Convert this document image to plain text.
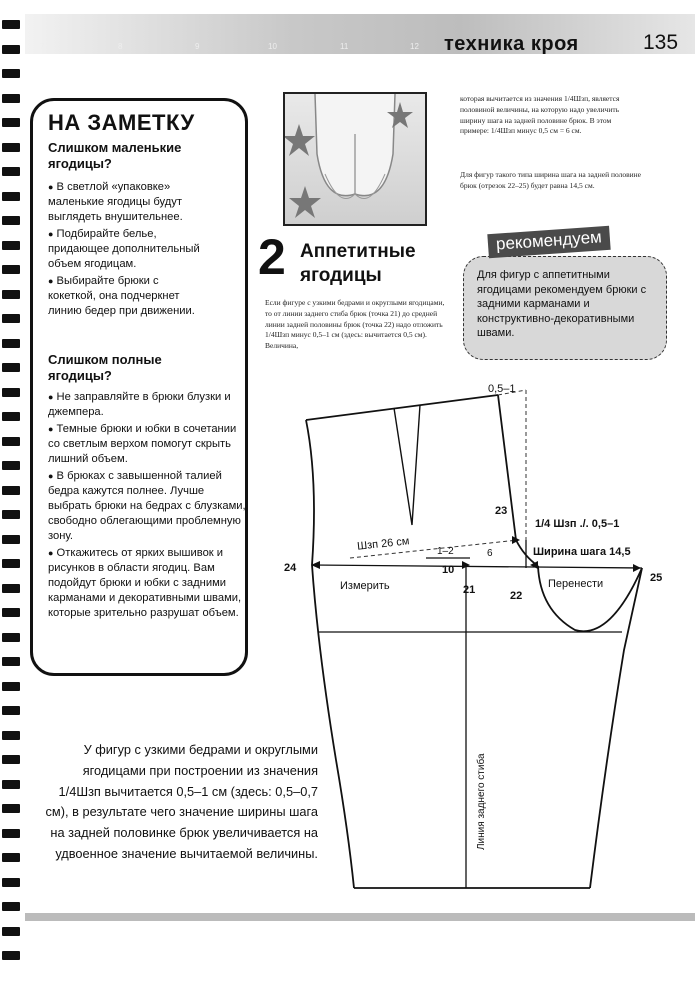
7	8	9	10	11	12 техника кроя	135
НА ЗАМЕТКУ
Слишком маленькие ягодицы?

● В светлой «упаковке» маленькие ягодицы будут выглядеть внушительнее.

● Подбирайте белье, придающее дополнительный объем ягодицам.

● Выбирайте брюки с кокеткой, она подчеркнет линию бедер при движении.

Слишком полные ягодицы?

● Не заправляйте в брюки блузки и джемпера.

● Темные брюки и юбки в сочетании со светлым верхом помогут скрыть лишний объем.

● В брюках с завышенной талией бедра кажутся полнее. Лучше выбрать брюки на бедрах с блузками, свободно облегающими проблемную зону.

● Откажитесь от ярких вышивок и рисунков в области ягодиц. Вам подойдут брюки и юбки с задними карманами и декоративными швами, которые зрительно разрушат объем.

2 Аппетитные ягодицы
Если фигуре с узкими бедрами и округлыми ягодицами, то от линии заднего стиба брюк (точка 21) до средней линии задней половины брюк (точка 22) надо отложить 1/4Шзп минус 0,5–1 см (здесь: вычитается 0,5 см). Величина,
которая вычитается из значения 1/4Шзп, является половиной величины, на которую надо увеличить ширину шага на задней половине брюк. В этом примере: 1/4Шзп минус 0,5 см = 6 см.
Для фигур такого типа ширина шага на задней половине брюк (отрезок 22–25) будет равна 14,5 см.
рекомендуем
Для фигур с аппетитными ягодицами рекомендуем брюки с задними карманами и конструктивно-декоративными швами.
0,5–1
23
1/4 Шзп ./. 0,5–1
Шзп 26 см	1–2	6	Ширина шага 14,5
24	10
21	22
25
Измерить	Перенести
Линия заднего стиба
У фигур с узкими бедрами и округлыми ягодицами при построении из значения 1/4Шзп вычитается 0,5–1 см (здесь: 0,5–0,7 см), в результате чего значение ширины шага на задней половинке брюк увеличивается на удвоенное значение вычитаемой величины.
